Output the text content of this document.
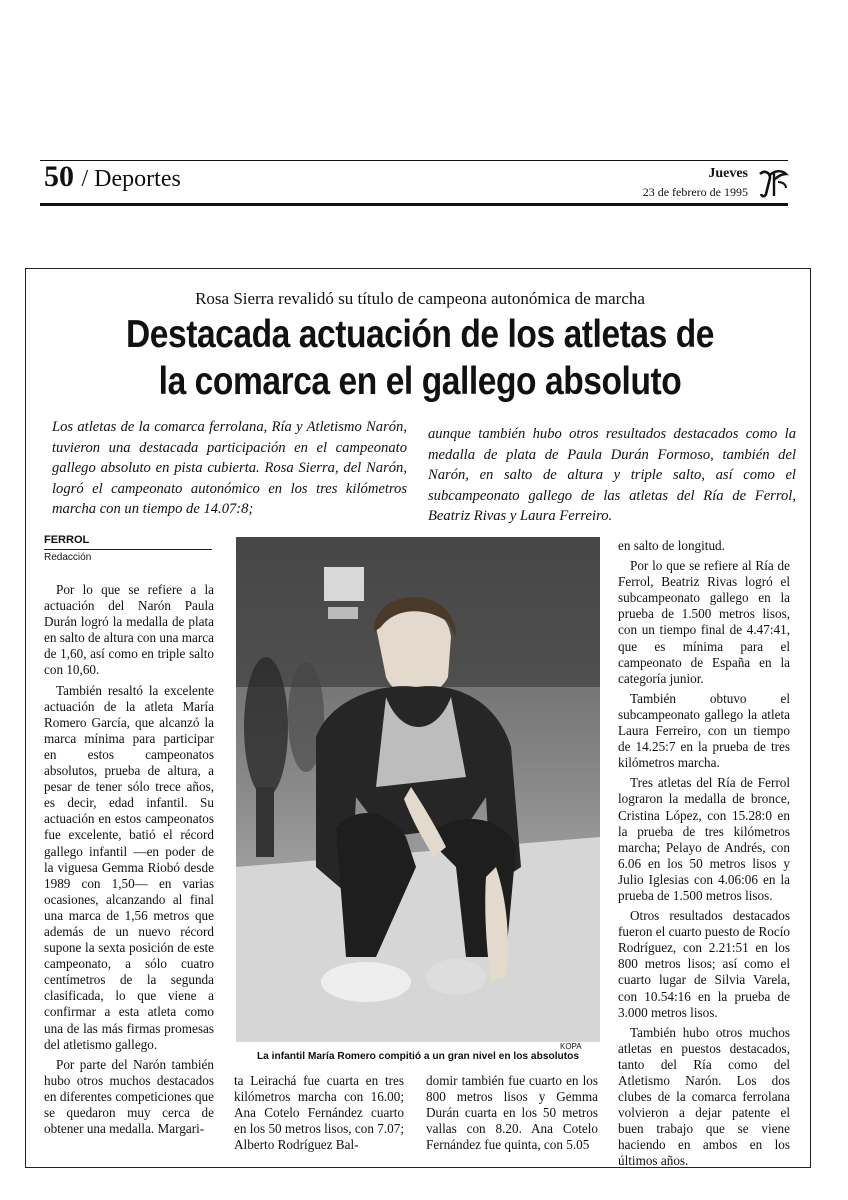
50 / Deportes	Jueves
23 de febrero de 1995
Rosa Sierra revalidó su título de campeona autonómica de marcha
Destacada actuación de los atletas de
la comarca en el gallego absoluto
Los atletas de la comarca ferrolana, Ría y Atletismo Narón, tuvieron una destacada participación en el campeonato gallego absoluto en pista cubierta. Rosa Sierra, del Narón, logró el campeonato autonómico en los tres kilómetros marcha con un tiempo de 14.07:8;
aunque también hubo otros resultados destacados como la medalla de plata de Paula Durán Formoso, también del Narón, en salto de altura y triple salto, así como el subcampeonato gallego de las atletas del Ría de Ferrol, Beatriz Rivas y Laura Ferreiro.
FERROL
Redacción

Por lo que se refiere a la actuación del Narón Paula Durán logró la medalla de plata en salto de altura con una marca de 1,60, así como en triple salto con 10,60.

También resaltó la excelente actuación de la atleta María Romero García, que alcanzó la marca mínima para participar en estos campeonatos absolutos, prueba de altura, a pesar de tener sólo trece años, es decir, edad infantil. Su actuación en estos campeonatos fue excelente, batió el récord gallego infantil —en poder de la viguesa Gemma Riobó desde 1989 con 1,50— en varias ocasiones, alcanzando al final una marca de 1,56 metros que además de un nuevo récord supone la sexta posición de este campeonato, a sólo cuatro centímetros de la segunda clasificada, lo que viene a confirmar a esta atleta como una de las más firmas promesas del atletismo gallego.

Por parte del Narón también hubo otros muchos destacados en diferentes competiciones que se quedaron muy cerca de obtener una medalla. Margari-

KOPA
La infantil María Romero compitió a un gran nivel en los absolutos

ta Leirachá fue cuarta en tres kilómetros marcha con 16.00; Ana Cotelo Fernández cuarto en los 50 metros lisos, con 7.07; Alberto Rodríguez Bal-

domir también fue cuarto en los 800 metros lisos y Gemma Durán cuarta en los 50 metros vallas con 8.20. Ana Cotelo Fernández fue quinta, con 5.05

en salto de longitud.

Por lo que se refiere al Ría de Ferrol, Beatriz Rivas logró el subcampeonato gallego en la prueba de 1.500 metros lisos, con un tiempo final de 4.47:41, que es mínima para el campeonato de España en la categoría junior.

También obtuvo el subcampeonato gallego la atleta Laura Ferreiro, con un tiempo de 14.25:7 en la prueba de tres kilómetros marcha.

Tres atletas del Ría de Ferrol lograron la medalla de bronce, Cristina López, con 15.28:0 en la prueba de tres kilómetros marcha; Pelayo de Andrés, con 6.06 en los 50 metros lisos y Julio Iglesias con 4.06:06 en la prueba de 1.500 metros lisos.

Otros resultados destacados fueron el cuarto puesto de Rocío Rodríguez, con 2.21:51 en los 800 metros lisos; así como el cuarto lugar de Silvia Varela, con 10.54:16 en la prueba de 3.000 metros lisos.

También hubo otros muchos atletas en puestos destacados, tanto del Ría como del Atletismo Narón. Los dos clubes de la comarca ferrolana volvieron a dejar patente el buen trabajo que se viene haciendo en ambos en los últimos años.
